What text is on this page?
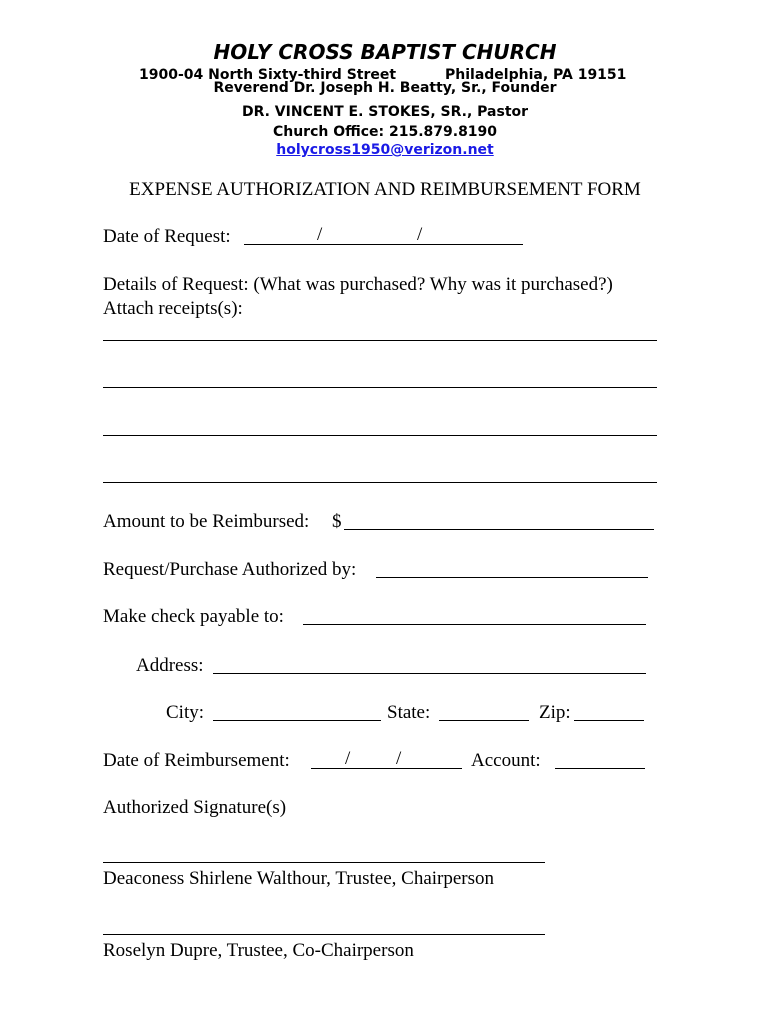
HOLY CROSS BAPTIST CHURCH
1900-04 North Sixty-third Street	Philadelphia, PA 19151
Reverend Dr. Joseph H. Beatty, Sr., Founder
DR. VINCENT E. STOKES, SR., Pastor
Church Office: 215.879.8190
holycross1950@verizon.net
EXPENSE AUTHORIZATION AND REIMBURSEMENT FORM
Date of Request:	/	/
Details of Request: (What was purchased? Why was it purchased?)
Attach receipts(s):
Amount to be Reimbursed: $
Request/Purchase Authorized by:
Make check payable to:
Address:
City:	State:	Zip:
Date of Reimbursement:	/ /	Account:
Authorized Signature(s)
Deaconess Shirlene Walthour, Trustee, Chairperson
Roselyn Dupre, Trustee, Co-Chairperson
